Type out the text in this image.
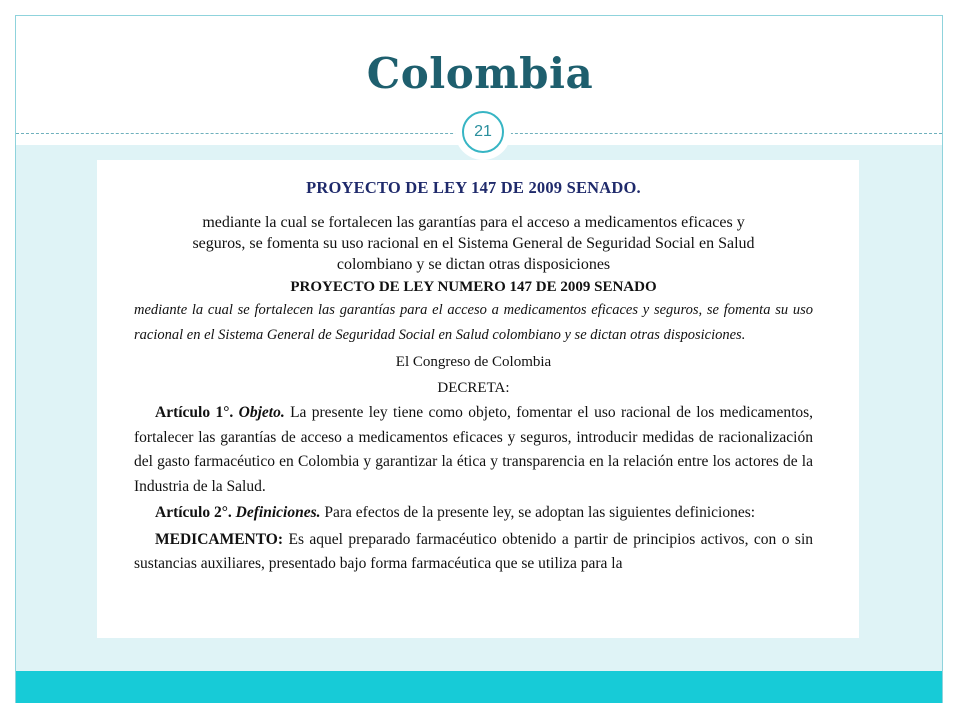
Colombia
21
PROYECTO DE LEY 147 DE 2009 SENADO.

mediante la cual se fortalecen las garantías para el acceso a medicamentos eficaces y

seguros, se fomenta su uso racional en el Sistema General de Seguridad Social en Salud

colombiano y se dictan otras disposiciones

PROYECTO DE LEY NUMERO 147 DE 2009 SENADO

mediante la cual se fortalecen las garantías para el acceso a medicamentos eficaces y seguros, se fomenta su uso racional en el Sistema General de Seguridad Social en Salud colombiano y se dictan otras disposiciones.

El Congreso de Colombia

DECRETA:

Artículo 1°. Objeto. La presente ley tiene como objeto, fomentar el uso racional de los medicamentos, fortalecer las garantías de acceso a medicamentos eficaces y seguros, introducir medidas de racionalización del gasto farmacéutico en Colombia y garantizar la ética y transparencia en la relación entre los actores de la Industria de la Salud.

Artículo 2°. Definiciones. Para efectos de la presente ley, se adoptan las siguientes definiciones:

MEDICAMENTO: Es aquel preparado farmacéutico obtenido a partir de principios activos, con o sin sustancias auxiliares, presentado bajo forma farmacéutica que se utiliza para la
